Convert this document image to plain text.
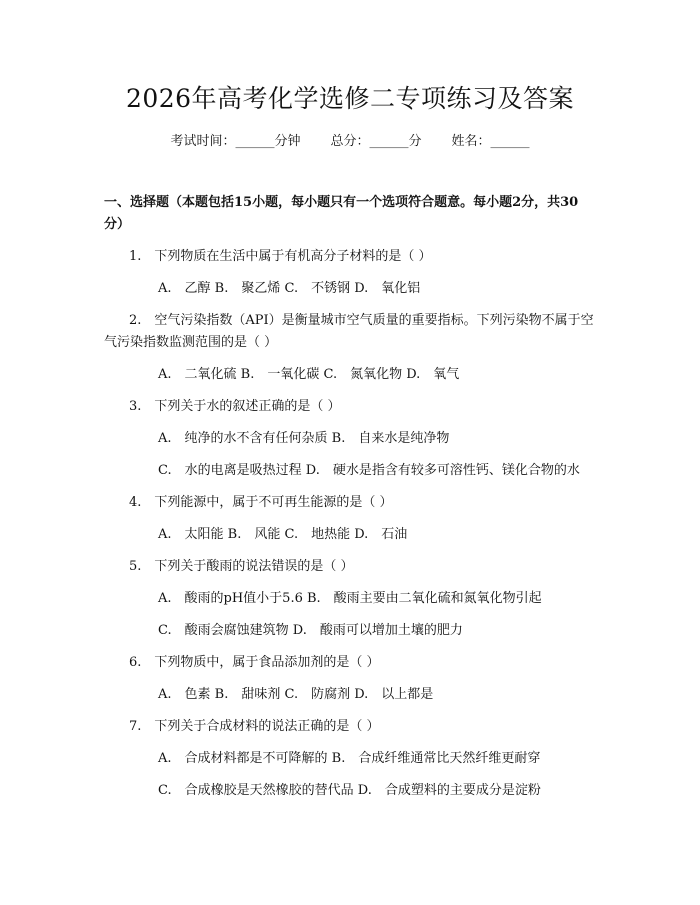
2026年高考化学选修二专项练习及答案
考试时间：______分钟 总分：______分 姓名：______
一、选择题（本题包括15小题，每小题只有一个选项符合题意。每小题2分，共30分）
1.　下列物质在生活中属于有机高分子材料的是（ ）
A.　乙醇 B.　聚乙烯 C.　不锈钢 D.　氧化铝
2.　空气污染指数（API）是衡量城市空气质量的重要指标。下列污染物不属于空气污染指数监测范围的是（ ）
A.　二氧化硫 B.　一氧化碳 C.　氮氧化物 D.　氧气
3.　下列关于水的叙述正确的是（ ）
A.　纯净的水不含有任何杂质 B.　自来水是纯净物
C.　水的电离是吸热过程 D.　硬水是指含有较多可溶性钙、镁化合物的水
4.　下列能源中，属于不可再生能源的是（ ）
A.　太阳能 B.　风能 C.　地热能 D.　石油
5.　下列关于酸雨的说法错误的是（ ）
A.　酸雨的pH值小于5.6 B.　酸雨主要由二氧化硫和氮氧化物引起
C.　酸雨会腐蚀建筑物 D.　酸雨可以增加土壤的肥力
6.　下列物质中，属于食品添加剂的是（ ）
A.　色素 B.　甜味剂 C.　防腐剂 D.　以上都是
7.　下列关于合成材料的说法正确的是（ ）
A.　合成材料都是不可降解的 B.　合成纤维通常比天然纤维更耐穿
C.　合成橡胶是天然橡胶的替代品 D.　合成塑料的主要成分是淀粉
